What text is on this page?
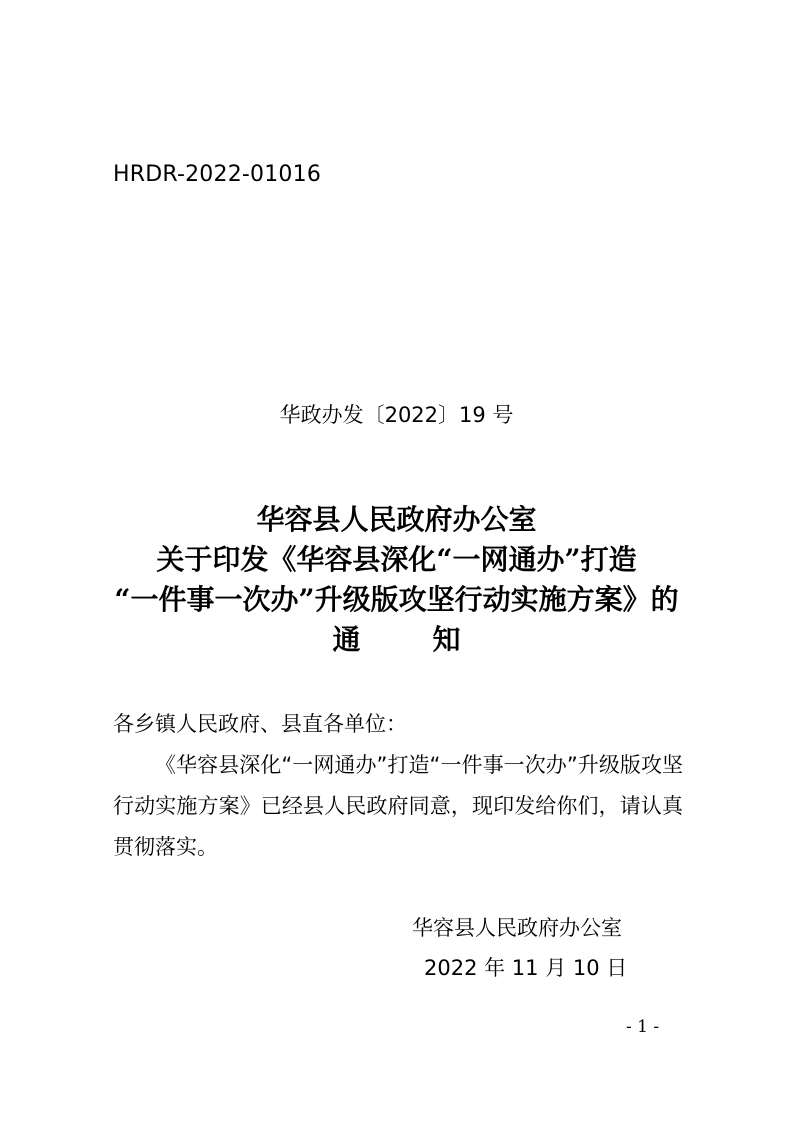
HRDR-2022-01016
华政办发〔2022〕19 号
华容县人民政府办公室
关于印发《华容县深化“一网通办”打造
“一件事一次办”升级版攻坚行动实施方案》的
通知
各乡镇人民政府、县直各单位：
《华容县深化“一网通办”打造“一件事一次办”升级版攻坚行动实施方案》已经县人民政府同意，现印发给你们，请认真贯彻落实。
华容县人民政府办公室
2022 年 11 月 10 日
- 1 -
